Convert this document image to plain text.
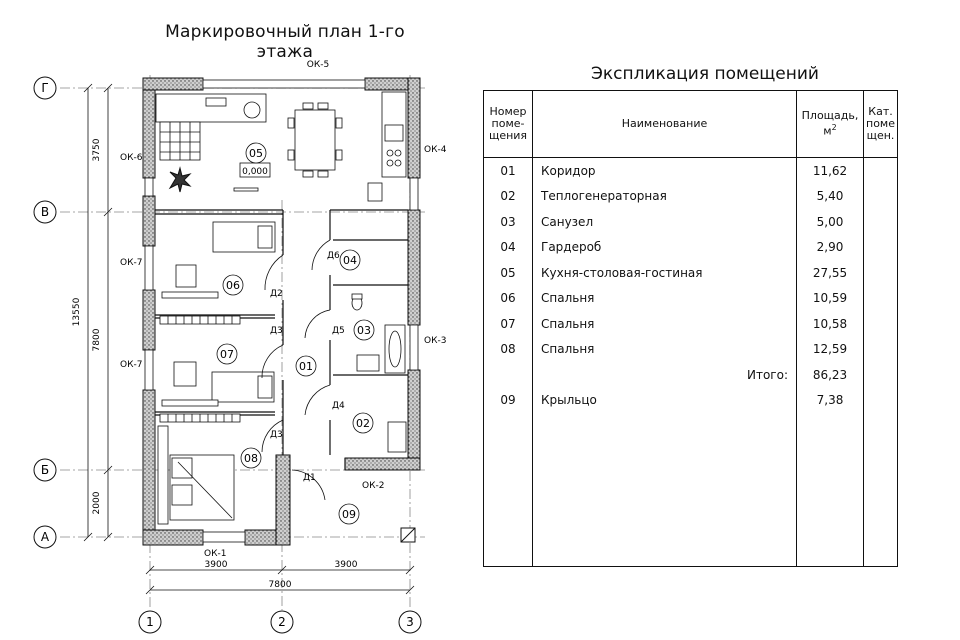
Маркировочный план 1-го этажа
Экспликация помещений
Г
В
Б
А
1	2	3
3750
13550
7800
2000
3900	3900
7800
0,000
ОК-5
ОК-6
ОК-4
ОК-7
ОК-7
ОК-3
ОК-2
ОК-1
Д6
Д2
Д3	Д5
Д4
Д3
Д1
05
06
07
01
04
03
02
08
09
Номер поме- щения	Наименование	Площадь, $м^2$	Кат. поме щен.
01	Коридор	11,62	
02	Теплогенераторная	5,40	
03	Санузел	5,00	
04	Гардероб	2,90	
05	Кухня-столовая-гостиная	27,55	
06	Спальня	10,59	
07	Спальня	10,58	
08	Спальня	12,59	
	Итого:	86,23	
09	Крыльцо	7,38	
